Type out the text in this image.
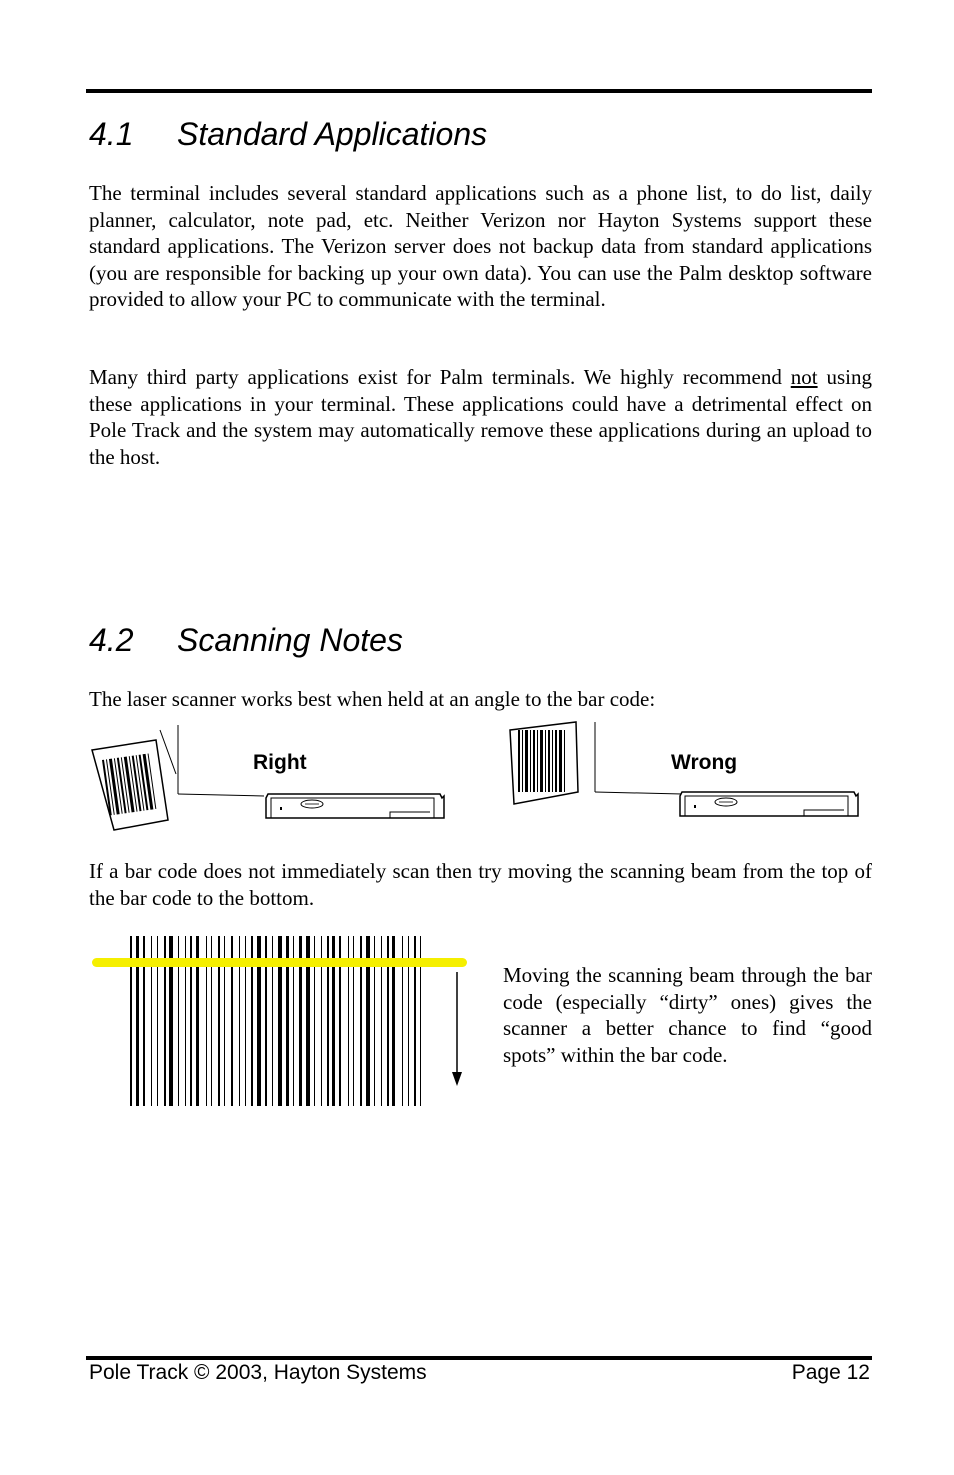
4.1 Standard Applications

The terminal includes several standard applications such as a phone list, to do list, daily planner, calculator, note pad, etc. Neither Verizon nor Hayton Systems support these standard applications. The Verizon server does not backup data from standard applications (you are responsible for backing up your own data). You can use the Palm desktop software provided to allow your PC to communicate with the terminal.

Many third party applications exist for Palm terminals. We highly recommend not using these applications in your terminal. These applications could have a detrimental effect on Pole Track and the system may automatically remove these applications during an upload to the host.

4.2 Scanning Notes

The laser scanner works best when held at an angle to the bar code:

Right	Wrong

If a bar code does not immediately scan then try moving the scanning beam from the top of the bar code to the bottom.

Moving the scanning beam through the bar code (especially “dirty” ones) gives the scanner a better chance to find “good spots” within the bar code.

Pole Track © 2003, Hayton Systems	Page 12
